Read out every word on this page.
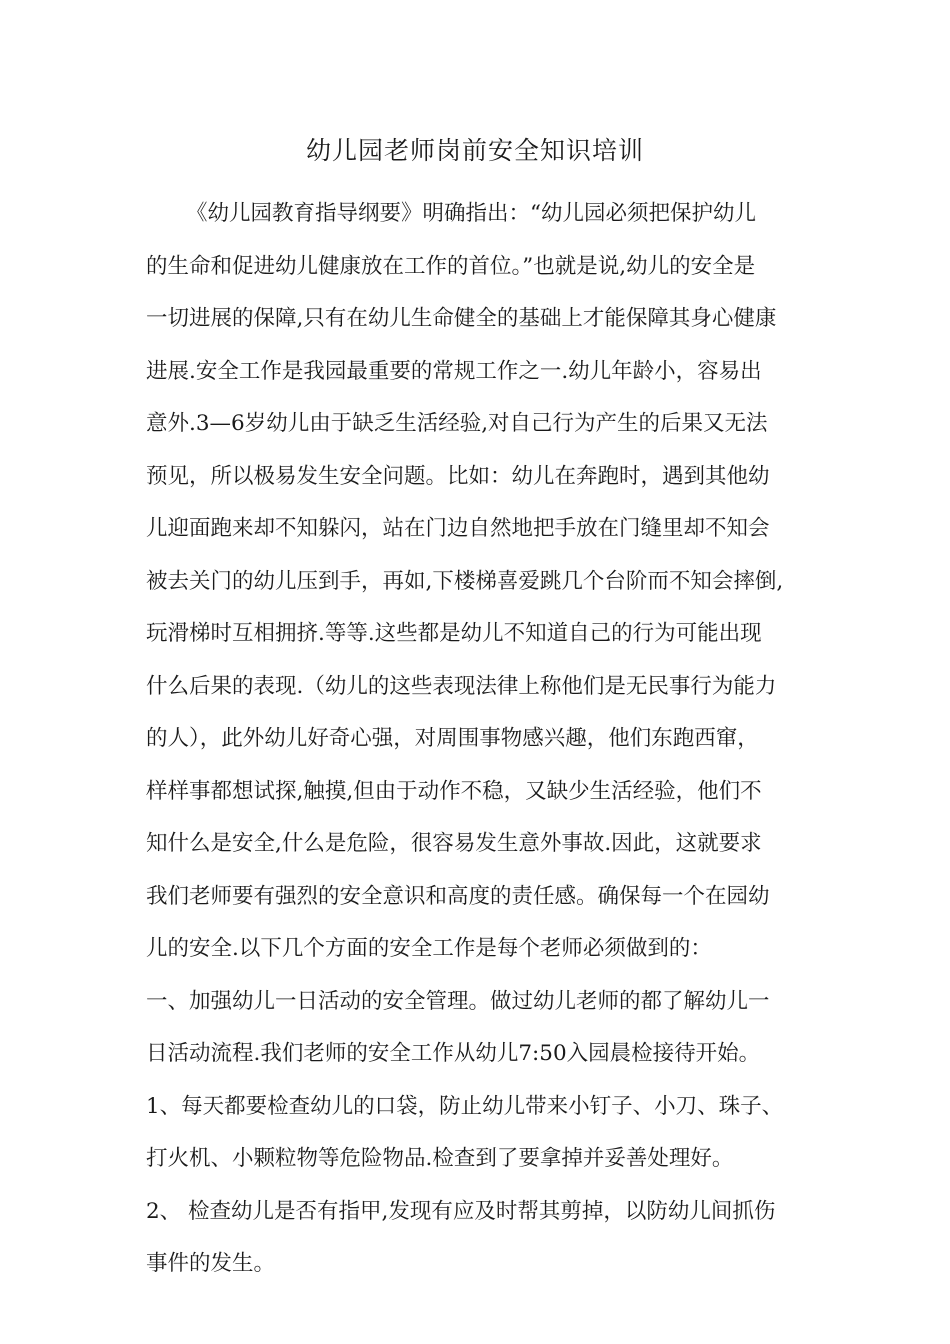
幼儿园老师岗前安全知识培训
《幼儿园教育指导纲要》明确指出：“幼儿园必须把保护幼儿
的生命和促进幼儿健康放在工作的首位。”也就是说,幼儿的安全是
一切进展的保障,只有在幼儿生命健全的基础上才能保障其身心健康
进展.安全工作是我园最重要的常规工作之一.幼儿年龄小，容易出
意外.3—6岁幼儿由于缺乏生活经验,对自己行为产生的后果又无法
预见，所以极易发生安全问题。比如：幼儿在奔跑时，遇到其他幼
儿迎面跑来却不知躲闪，站在门边自然地把手放在门缝里却不知会
被去关门的幼儿压到手，再如,下楼梯喜爱跳几个台阶而不知会摔倒,
玩滑梯时互相拥挤.等等.这些都是幼儿不知道自己的行为可能出现
什么后果的表现.（幼儿的这些表现法律上称他们是无民事行为能力
的人），此外幼儿好奇心强，对周围事物感兴趣，他们东跑西窜，
样样事都想试探,触摸,但由于动作不稳，又缺少生活经验，他们不
知什么是安全,什么是危险，很容易发生意外事故.因此，这就要求
我们老师要有强烈的安全意识和高度的责任感。确保每一个在园幼
儿的安全.以下几个方面的安全工作是每个老师必须做到的：
一、加强幼儿一日活动的安全管理。做过幼儿老师的都了解幼儿一
日活动流程.我们老师的安全工作从幼儿7:50入园晨检接待开始。
1、每天都要检查幼儿的口袋，防止幼儿带来小钉子、小刀、珠子、
打火机、小颗粒物等危险物品.检查到了要拿掉并妥善处理好。
2、 检查幼儿是否有指甲,发现有应及时帮其剪掉，以防幼儿间抓伤
事件的发生。
